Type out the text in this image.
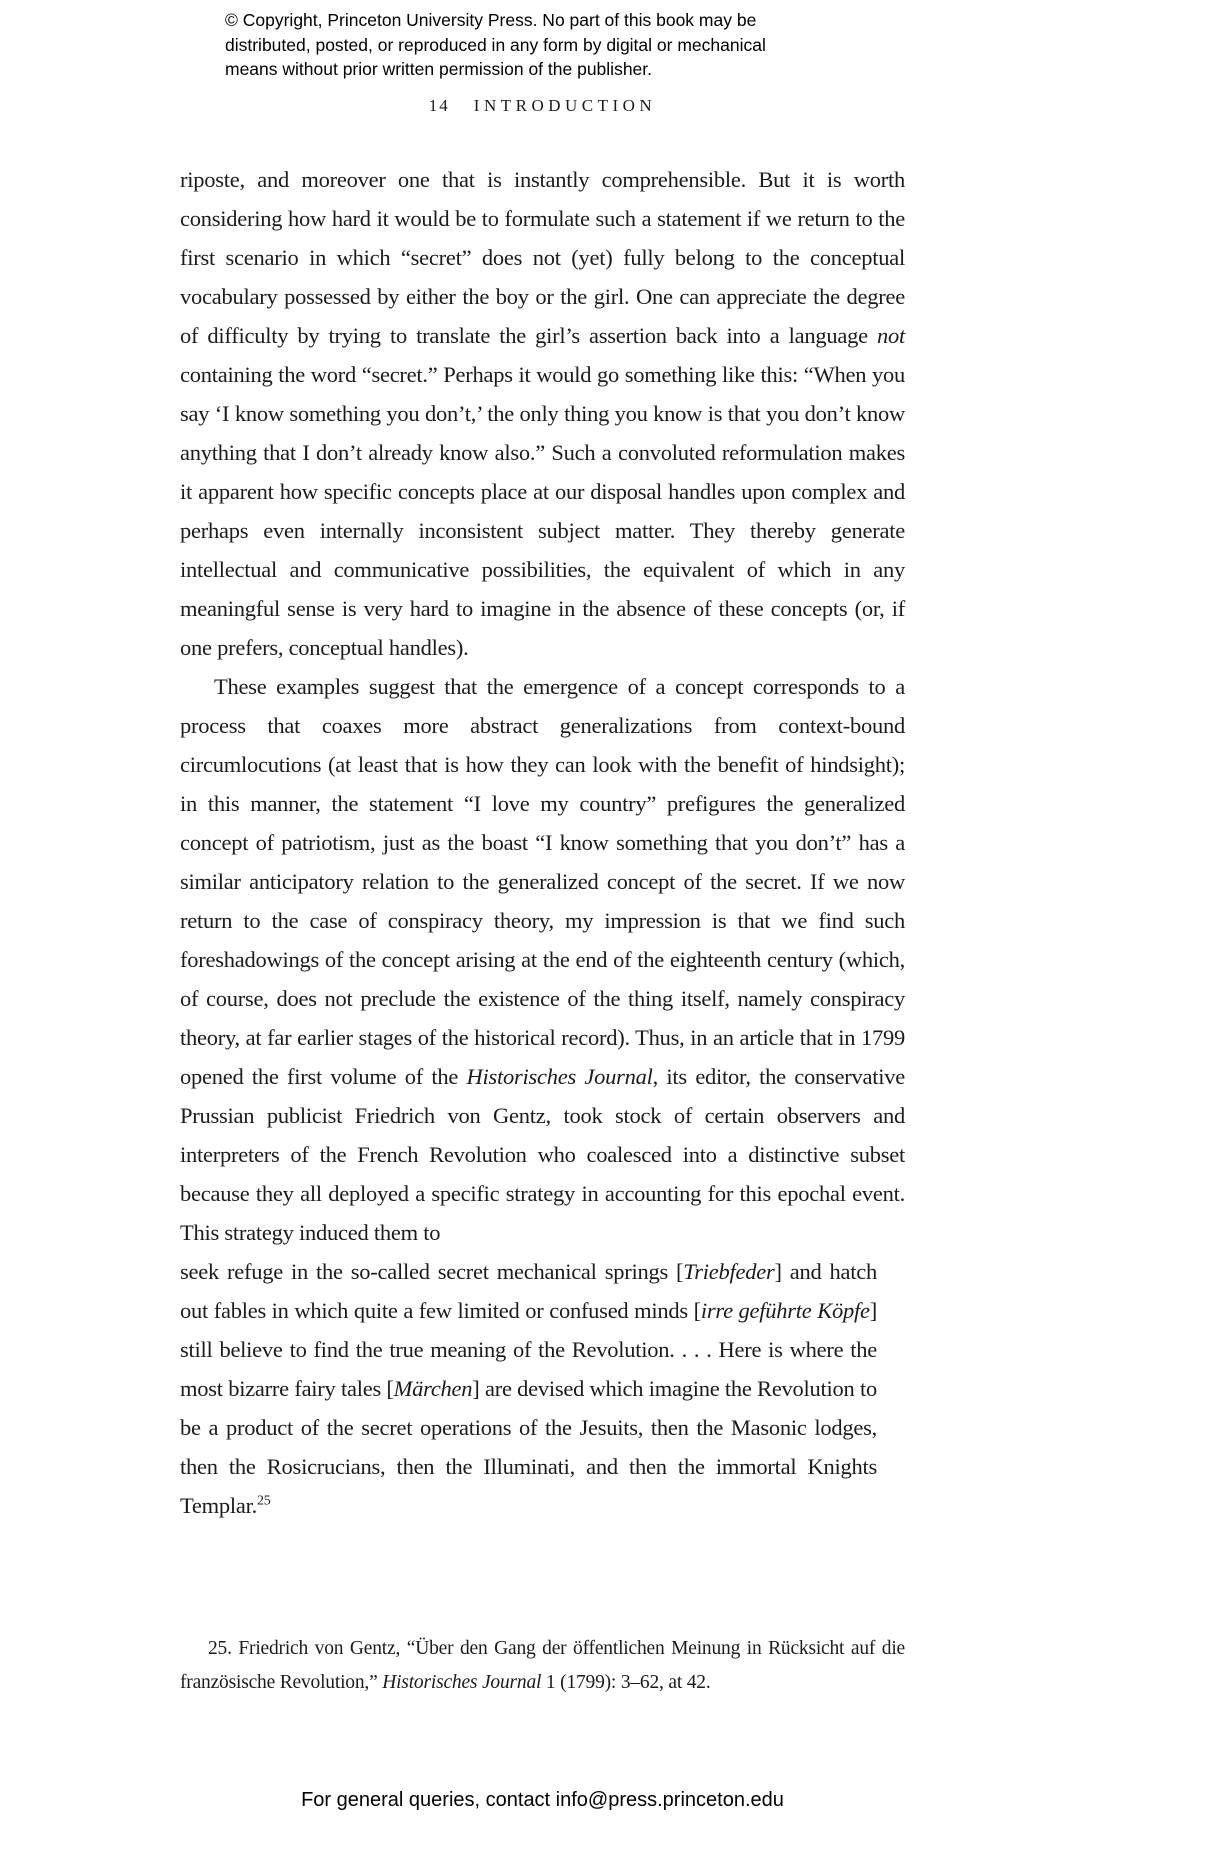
© Copyright, Princeton University Press. No part of this book may be
distributed, posted, or reproduced in any form by digital or mechanical
means without prior written permission of the publisher.
14 INTRODUCTION

riposte, and moreover one that is instantly comprehensible. But it is worth considering how hard it would be to formulate such a statement if we return to the first scenario in which “secret” does not (yet) fully belong to the conceptual vocabulary possessed by either the boy or the girl. One can appreciate the degree of difficulty by trying to translate the girl’s assertion back into a language not containing the word “secret.” Perhaps it would go something like this: “When you say ‘I know something you don’t,’ the only thing you know is that you don’t know anything that I don’t already know also.” Such a convoluted reformulation makes it apparent how specific concepts place at our disposal handles upon complex and perhaps even internally inconsistent subject matter. They thereby generate intellectual and communicative possibilities, the equivalent of which in any meaningful sense is very hard to imagine in the absence of these concepts (or, if one prefers, conceptual handles).

These examples suggest that the emergence of a concept corresponds to a process that coaxes more abstract generalizations from context-bound circumlocutions (at least that is how they can look with the benefit of hindsight); in this manner, the statement “I love my country” prefigures the generalized concept of patriotism, just as the boast “I know something that you don’t” has a similar anticipatory relation to the generalized concept of the secret. If we now return to the case of conspiracy theory, my impression is that we find such foreshadowings of the concept arising at the end of the eighteenth century (which, of course, does not preclude the existence of the thing itself, namely conspiracy theory, at far earlier stages of the historical record). Thus, in an article that in 1799 opened the first volume of the Historisches Journal, its editor, the conservative Prussian publicist Friedrich von Gentz, took stock of certain observers and interpreters of the French Revolution who coalesced into a distinctive subset because they all deployed a specific strategy in accounting for this epochal event. This strategy induced them to

seek refuge in the so-called secret mechanical springs [Triebfeder] and hatch out fables in which quite a few limited or confused minds [irre geführte Köpfe] still believe to find the true meaning of the Revolution. . . . Here is where the most bizarre fairy tales [Märchen] are devised which imagine the Revolution to be a product of the secret operations of the Jesuits, then the Masonic lodges, then the Rosicrucians, then the Illuminati, and then the immortal Knights Templar.$^{25}$

25. Friedrich von Gentz, “Über den Gang der öffentlichen Meinung in Rücksicht auf die französische Revolution,” Historisches Journal 1 (1799): 3–62, at 42.
For general queries, contact info@press.princeton.edu
